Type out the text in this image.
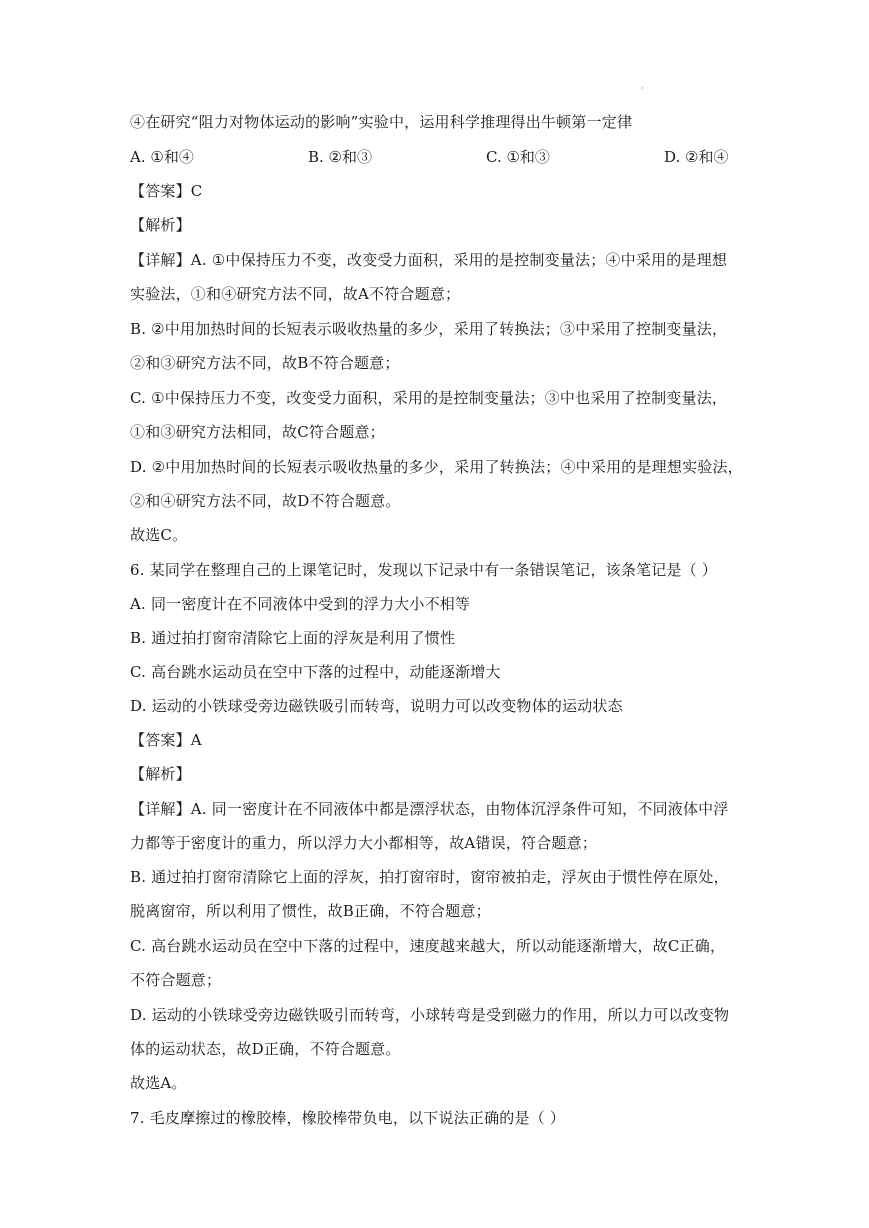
·
④在研究“阻力对物体运动的影响”实验中，运用科学推理得出牛顿第一定律
A. ①和④	B. ②和③	C. ①和③	D. ②和④
【答案】C
【解析】
【详解】A. ①中保持压力不变，改变受力面积，采用的是控制变量法；④中采用的是理想
实验法，①和④研究方法不同，故A不符合题意；
B. ②中用加热时间的长短表示吸收热量的多少，采用了转换法；③中采用了控制变量法，
②和③研究方法不同，故B不符合题意；
C. ①中保持压力不变，改变受力面积，采用的是控制变量法；③中也采用了控制变量法，
①和③研究方法相同，故C符合题意；
D. ②中用加热时间的长短表示吸收热量的多少，采用了转换法；④中采用的是理想实验法，
②和④研究方法不同，故D不符合题意。
故选C。
6. 某同学在整理自己的上课笔记时，发现以下记录中有一条错误笔记，该条笔记是（ ）
A. 同一密度计在不同液体中受到的浮力大小不相等
B. 通过拍打窗帘清除它上面的浮灰是利用了惯性
C. 高台跳水运动员在空中下落的过程中，动能逐渐增大
D. 运动的小铁球受旁边磁铁吸引而转弯，说明力可以改变物体的运动状态
【答案】A
【解析】
【详解】A. 同一密度计在不同液体中都是漂浮状态，由物体沉浮条件可知，不同液体中浮
力都等于密度计的重力，所以浮力大小都相等，故A错误，符合题意；
B. 通过拍打窗帘清除它上面的浮灰，拍打窗帘时，窗帘被拍走，浮灰由于惯性停在原处，
脱离窗帘，所以利用了惯性，故B正确，不符合题意；
C. 高台跳水运动员在空中下落的过程中，速度越来越大，所以动能逐渐增大，故C正确，
不符合题意；
D. 运动的小铁球受旁边磁铁吸引而转弯，小球转弯是受到磁力的作用，所以力可以改变物
体的运动状态，故D正确，不符合题意。
故选A。
7. 毛皮摩擦过的橡胶棒，橡胶棒带负电，以下说法正确的是（ ）
